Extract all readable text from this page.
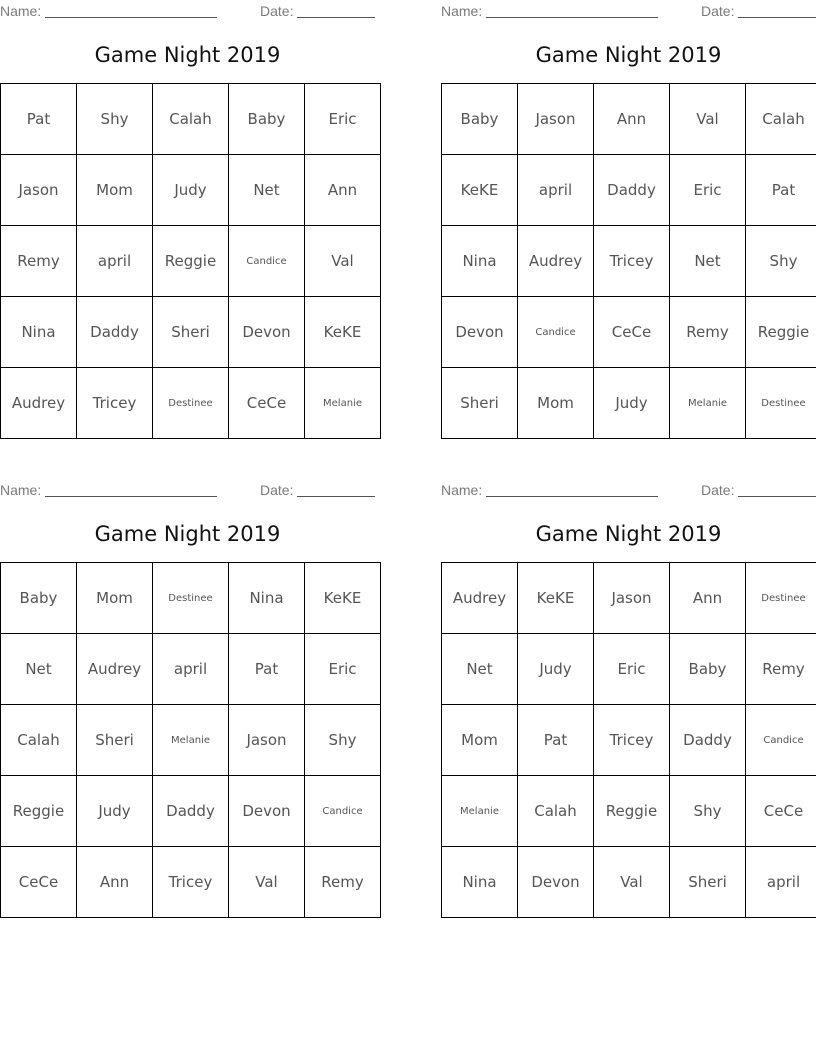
Name:	Date:
Game Night 2019
Pat	Shy	Calah	Baby	Eric
Jason	Mom	Judy	Net	Ann
Remy	april	Reggie	Candice	Val
Nina	Daddy	Sheri	Devon	KeKE
Audrey	Tricey	Destinee	CeCe	Melanie
Name:	Date:
Game Night 2019
Baby	Jason	Ann	Val	Calah
KeKE	april	Daddy	Eric	Pat
Nina	Audrey	Tricey	Net	Shy
Devon	Candice	CeCe	Remy	Reggie
Sheri	Mom	Judy	Melanie	Destinee
Name:	Date:
Game Night 2019
Baby	Mom	Destinee	Nina	KeKE
Net	Audrey	april	Pat	Eric
Calah	Sheri	Melanie	Jason	Shy
Reggie	Judy	Daddy	Devon	Candice
CeCe	Ann	Tricey	Val	Remy
Name:	Date:
Game Night 2019
Audrey	KeKE	Jason	Ann	Destinee
Net	Judy	Eric	Baby	Remy
Mom	Pat	Tricey	Daddy	Candice
Melanie	Calah	Reggie	Shy	CeCe
Nina	Devon	Val	Sheri	april
